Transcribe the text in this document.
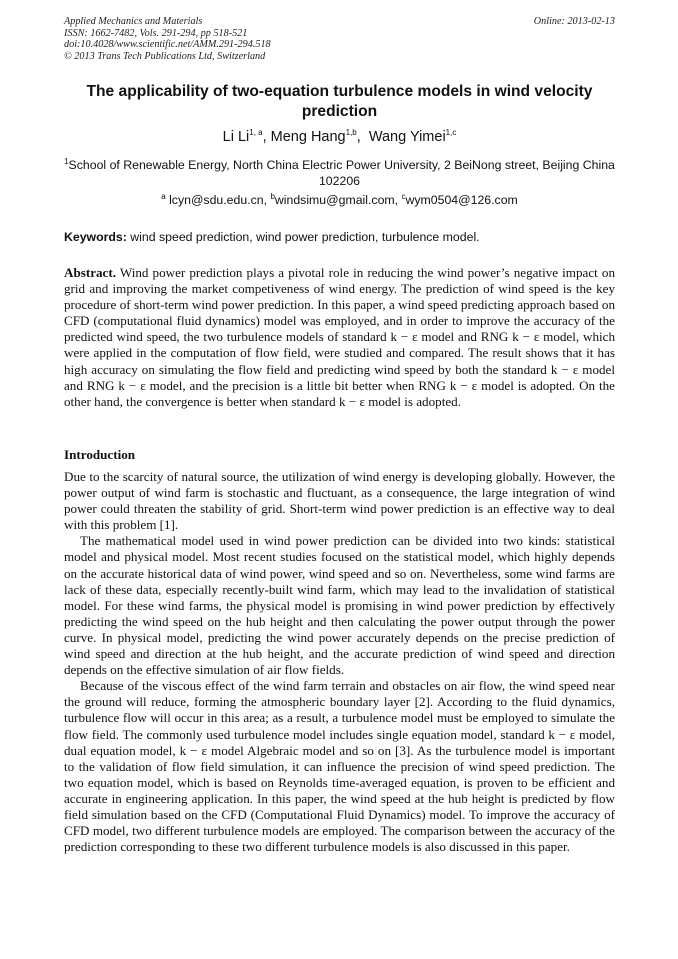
Applied Mechanics and Materials
ISSN: 1662-7482, Vols. 291-294, pp 518-521
doi:10.4028/www.scientific.net/AMM.291-294.518
© 2013 Trans Tech Publications Ltd, Switzerland
Online: 2013-02-13
The applicability of two-equation turbulence models in wind velocity prediction
Li Li$^{1, a}$, Meng Hang$^{1,b}$,  Wang Yimei$^{1,c}$
$^1$School of Renewable Energy, North China Electric Power University, 2 BeiNong street, Beijing China 102206
$^a$ lcyn@sdu.edu.cn, $^b$windsimu@gmail.com, $^c$wym0504@126.com
Keywords: wind speed prediction, wind power prediction, turbulence model.
Abstract. Wind power prediction plays a pivotal role in reducing the wind power’s negative impact on grid and improving the market competiveness of wind energy. The prediction of wind speed is the key procedure of short-term wind power prediction. In this paper, a wind speed predicting approach based on CFD (computational fluid dynamics) model was employed, and in order to improve the accuracy of the predicted wind speed, the two turbulence models of standard k − ε model and RNG k − ε model, which were applied in the computation of flow field, were studied and compared. The result shows that it has high accuracy on simulating the flow field and predicting wind speed by both the standard k − ε model and RNG k − ε model, and the precision is a little bit better when RNG k − ε model is adopted. On the other hand, the convergence is better when standard k − ε model is adopted.
Introduction

Due to the scarcity of natural source, the utilization of wind energy is developing globally. However, the power output of wind farm is stochastic and fluctuant, as a consequence, the large integration of wind power could threaten the stability of grid. Short-term wind power prediction is an effective way to deal with this problem [1].

The mathematical model used in wind power prediction can be divided into two kinds: statistical model and physical model. Most recent studies focused on the statistical model, which highly depends on the accurate historical data of wind power, wind speed and so on. Nevertheless, some wind farms are lack of these data, especially recently-built wind farm, which may lead to the invalidation of statistical model. For these wind farms, the physical model is promising in wind power prediction by effectively predicting the wind speed on the hub height and then calculating the power output through the power curve. In physical model, predicting the wind power accurately depends on the precise prediction of wind speed and direction at the hub height, and the accurate prediction of wind speed and direction depends on the effective simulation of air flow fields.

Because of the viscous effect of the wind farm terrain and obstacles on air flow, the wind speed near the ground will reduce, forming the atmospheric boundary layer [2]. According to the fluid dynamics, turbulence flow will occur in this area; as a result, a turbulence model must be employed to simulate the flow field. The commonly used turbulence model includes single equation model, standard k − ε model, dual equation model, k − ε model Algebraic model and so on [3]. As the turbulence model is important to the validation of flow field simulation, it can influence the precision of wind speed prediction. The two equation model, which is based on Reynolds time-averaged equation, is proven to be efficient and accurate in engineering application. In this paper, the wind speed at the hub height is predicted by flow field simulation based on the CFD (Computational Fluid Dynamics) model. To improve the accuracy of CFD model, two different turbulence models are employed. The comparison between the accuracy of the prediction corresponding to these two different turbulence models is also discussed in this paper.
